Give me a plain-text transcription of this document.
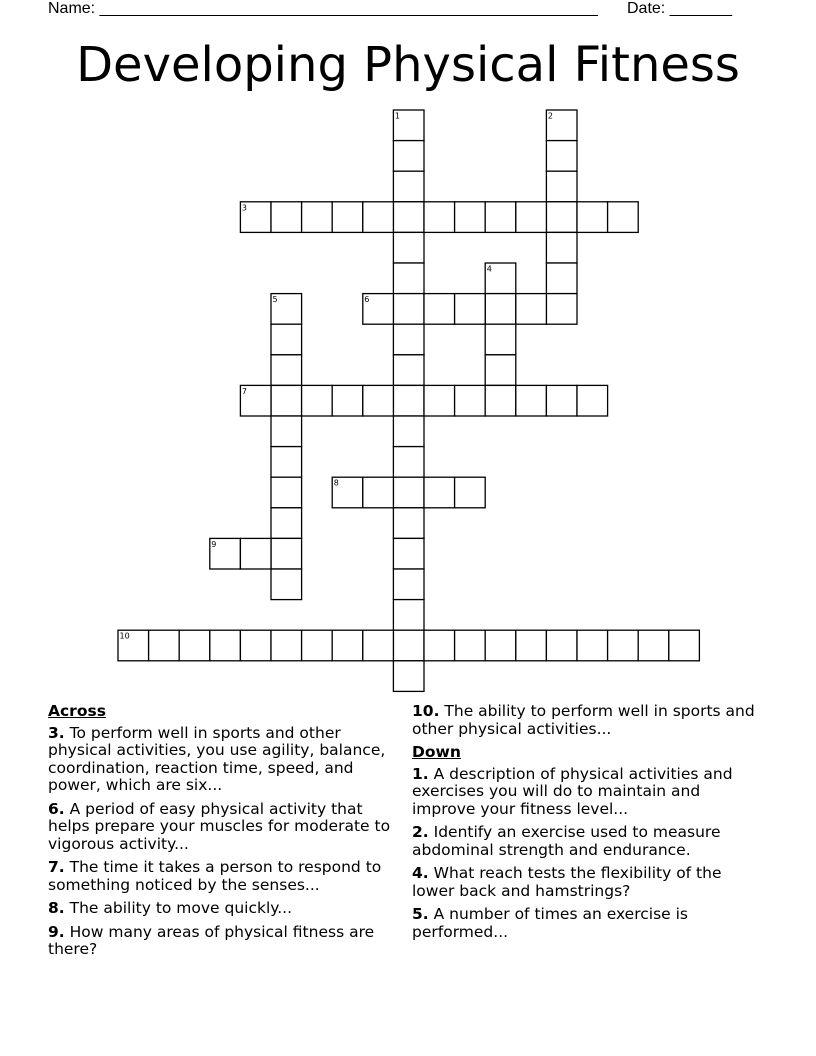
Name: ________________________________________________________ Date: _______
Developing Physical Fitness
1	2
3
4
5	6
7
8
9
10
Across
3. To perform well in sports and other physical activities, you use agility, balance, coordination, reaction time, speed, and power, which are six...
6. A period of easy physical activity that helps prepare your muscles for moderate to vigorous activity...
7. The time it takes a person to respond to something noticed by the senses...
8. The ability to move quickly...
9. How many areas of physical fitness are there?
10. The ability to perform well in sports and other physical activities...
Down
1. A description of physical activities and exercises you will do to maintain and improve your fitness level...
2. Identify an exercise used to measure abdominal strength and endurance.
4. What reach tests the flexibility of the lower back and hamstrings?
5. A number of times an exercise is performed...
